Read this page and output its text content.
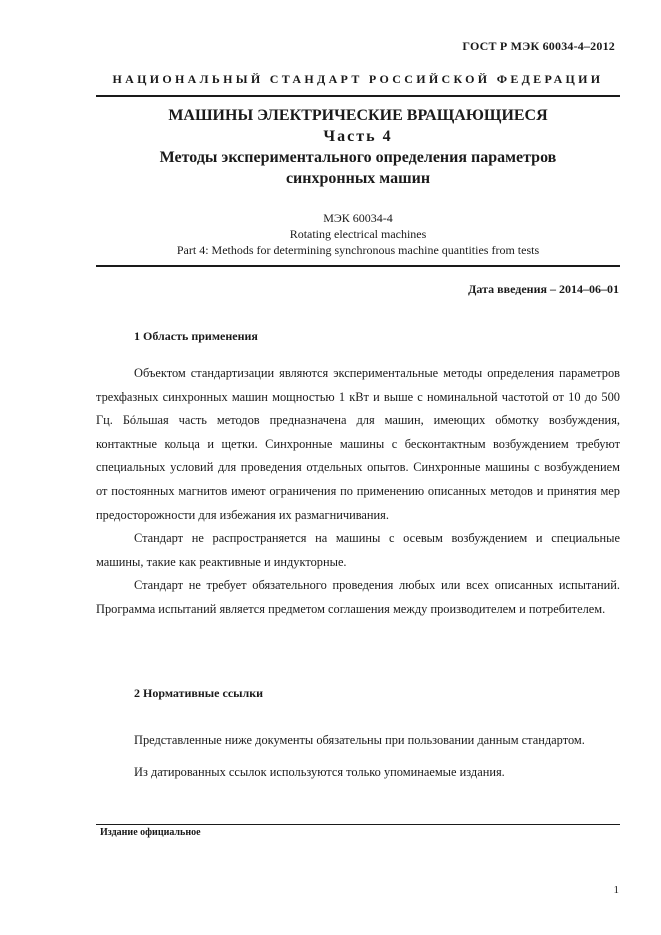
ГОСТ Р МЭК 60034-4–2012
НАЦИОНАЛЬНЫЙ СТАНДАРТ РОССИЙСКОЙ ФЕДЕРАЦИИ
МАШИНЫ ЭЛЕКТРИЧЕСКИЕ ВРАЩАЮЩИЕСЯ
Часть 4
Методы экспериментального определения параметров
синхронных машин
МЭК 60034-4
Rotating electrical machines
Part 4: Methods for determining synchronous machine quantities from tests
Дата введения – 2014–06–01
1 Область применения

Объектом стандартизации являются экспериментальные методы определения параметров трехфазных синхронных машин мощностью 1 кВт и выше с номинальной частотой от 10 до 500 Гц. Бóльшая часть методов предназначена для машин, имеющих обмотку возбуждения, контактные кольца и щетки. Синхронные машины с бесконтактным возбуждением требуют специальных условий для проведения отдельных опытов. Синхронные машины с возбуждением от постоянных магнитов имеют ограничения по применению описанных методов и принятия мер предосторожности для избежания их размагничивания.

Стандарт не распространяется на машины с осевым возбуждением и специальные машины, такие как реактивные и индукторные.

Стандарт не требует обязательного проведения любых или всех описанных испытаний. Программа испытаний является предметом соглашения между производителем и потребителем.

2 Нормативные ссылки
Представленные ниже документы обязательны при пользовании данным стандартом.
Из датированных ссылок используются только упоминаемые издания.
Издание официальное
1
